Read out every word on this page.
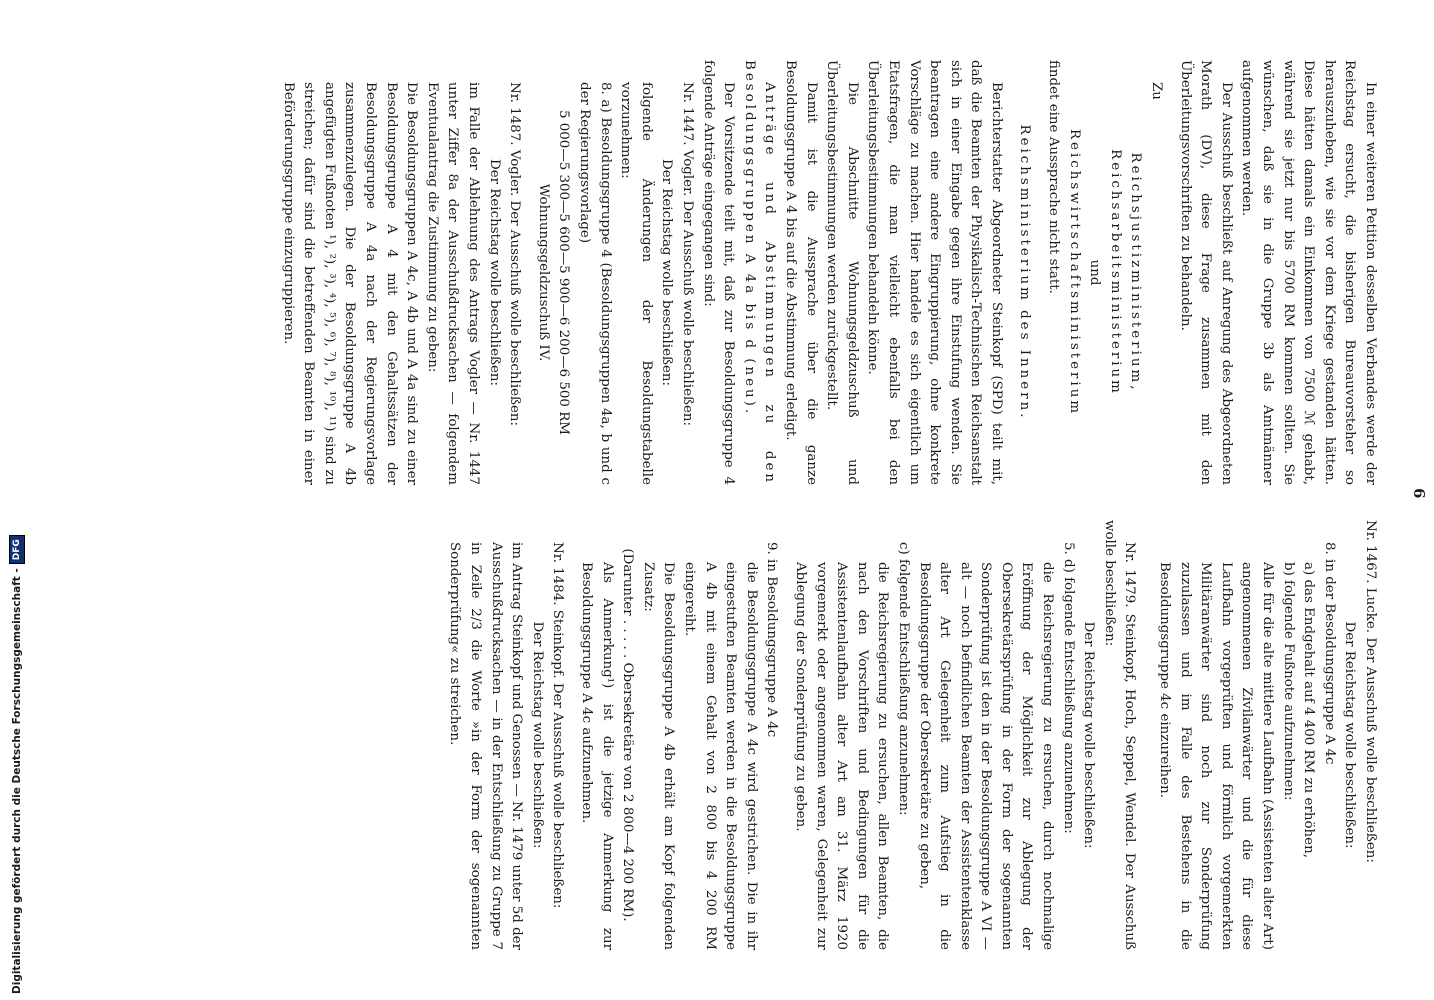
6

In einer weiteren Petition desselben Verbandes werde der Reichstag ersucht, die bisherigen Bureauvorsteher so herauszuheben, wie sie vor dem Kriege gestanden hätten. Diese hätten damals ein Einkommen von 7500 ℳ gehabt, während sie jetzt nur bis 5700 RM kommen sollten. Sie wünschen, daß sie in die Gruppe 3b als Amtmänner aufgenommen werden.

Der Ausschuß beschließt auf Anregung des Abgeordneten Morath (DV), diese Frage zusammen mit den Überleitungsvorschriften zu behandeln.

Zu

Reichsjustizministerium,

Reichsarbeitsministerium

und

Reichswirtschaftsministerium

findet eine Aussprache nicht statt.

Reichsministerium des Innern.

Berichterstatter Abgeordneter Steinkopf (SPD) teilt mit, daß die Beamten der Physikalisch-Technischen Reichsanstalt sich in einer Eingabe gegen ihre Einstufung wenden. Sie beantragen eine andere Eingruppierung, ohne konkrete Vorschläge zu machen. Hier handele es sich eigentlich um Etatsfragen, die man vielleicht ebenfalls bei den Überleitungsbestimmungen behandeln könne.

Die Abschnitte Wohnungsgeldzuschuß und Überleitungsbestimmungen werden zurückgestellt.

Damit ist die Aussprache über die ganze Besoldungsgruppe A 4 bis auf die Abstimmung erledigt.

Anträge und Abstimmungen zu den Besoldungsgruppen A 4a bis d (neu).

Der Vorsitzende teilt mit, daß zur Besoldungsgruppe 4 folgende Anträge eingegangen sind:

Nr. 1447. Vogler. Der Ausschuß wolle beschließen:

Der Reichstag wolle beschließen:

folgende Änderungen der Besoldungstabelle vorzunehmen:

8. a) Besoldungsgruppe 4 (Besoldungsgruppen 4a, b und c der Regierungsvorlage)

5 000—5 300—5 600—5 900—6 200—6 500 RM

Wohnungsgeldzuschuß IV.

Nr. 1487. Vogler. Der Ausschuß wolle beschließen:

Der Reichstag wolle beschließen:

im Falle der Ablehnung des Antrags Vogler — Nr. 1447 unter Ziffer 8a der Ausschußdrucksachen — folgendem Eventualantrag die Zustimmung zu geben:

Die Besoldungsgruppen A 4c, A 4b und A 4a sind zu einer Besoldungsgruppe A 4 mit den Gehaltssätzen der Besoldungsgruppe A 4a nach der Regierungsvorlage zusammenzulegen. Die der Besoldungsgruppe A 4b angefügten Fußnoten ¹), ²), ³), ⁴), ⁵), ⁶), ⁷), ⁸), ¹⁰), ¹¹) sind zu streichen; dafür sind die betreffenden Beamten in einer Beförderungsgruppe einzugruppieren.

Nr. 1467. Lucke. Der Ausschuß wolle beschließen:

Der Reichstag wolle beschließen:

8. in der Besoldungsgruppe A 4c

a) das Endgehalt auf 4 400 RM zu erhöhen,

b) folgende Fußnote aufzunehmen:

Alle für die alte mittlere Laufbahn (Assistenten alter Art) angenommenen Zivilanwärter und die für diese Laufbahn vorgeprüften und förmlich vorgemerkten Militäranwärter sind noch zur Sonderprüfung zuzulassen und im Falle des Bestehens in die Besoldungsgruppe 4c einzureihen.

Nr. 1479. Steinkopf, Hoch, Seppel, Wendel. Der Ausschuß wolle beschließen:

Der Reichstag wolle beschließen:

5. d) folgende Entschließung anzunehmen:

die Reichsregierung zu ersuchen, durch nochmalige Eröffnung der Möglichkeit zur Ablegung der Obersekretärsprüfung in der Form der sogenannten Sonderprüfung ist den in der Besoldungsgruppe A VI — alt — noch befindlichen Beamten der Assistentenklasse alter Art Gelegenheit zum Aufstieg in die Besoldungsgruppe der Obersekretäre zu geben,

c) folgende Entschließung anzunehmen:

die Reichsregierung zu ersuchen, allen Beamten, die nach den Vorschriften und Bedingungen für die Assistentenlaufbahn alter Art am 31. März 1920 vorgemerkt oder angenommen waren, Gelegenheit zur Ablegung der Sonderprüfung zu geben.

9. in Besoldungsgruppe A 4c

die Besoldungsgruppe A 4c wird gestrichen. Die in ihr eingestuften Beamten werden in die Besoldungsgruppe A 4b mit einem Gehalt von 2 800 bis 4 200 RM eingereiht.

Die Besoldungsgruppe A 4b erhält am Kopf folgenden Zusatz:

(Darunter . . . . . Obersekretäre von 2 800—4 200 RM).

Als Anmerkung¹) ist die jetzige Anmerkung zur Besoldungsgruppe A 4c aufzunehmen.

Nr. 1484. Steinkopf. Der Ausschuß wolle beschließen:

Der Reichstag wolle beschließen:

im Antrag Steinkopf und Genossen — Nr. 1479 unter 5d der Ausschußdrucksachen — in der Entschließung zu Gruppe 7 in Zeile 2/3 die Worte »in der Form der sogenannten Sonderprüfung« zu streichen.

Digitalisierung gefördert durch die Deutsche Forschungsgemeinschaft -
DFG
